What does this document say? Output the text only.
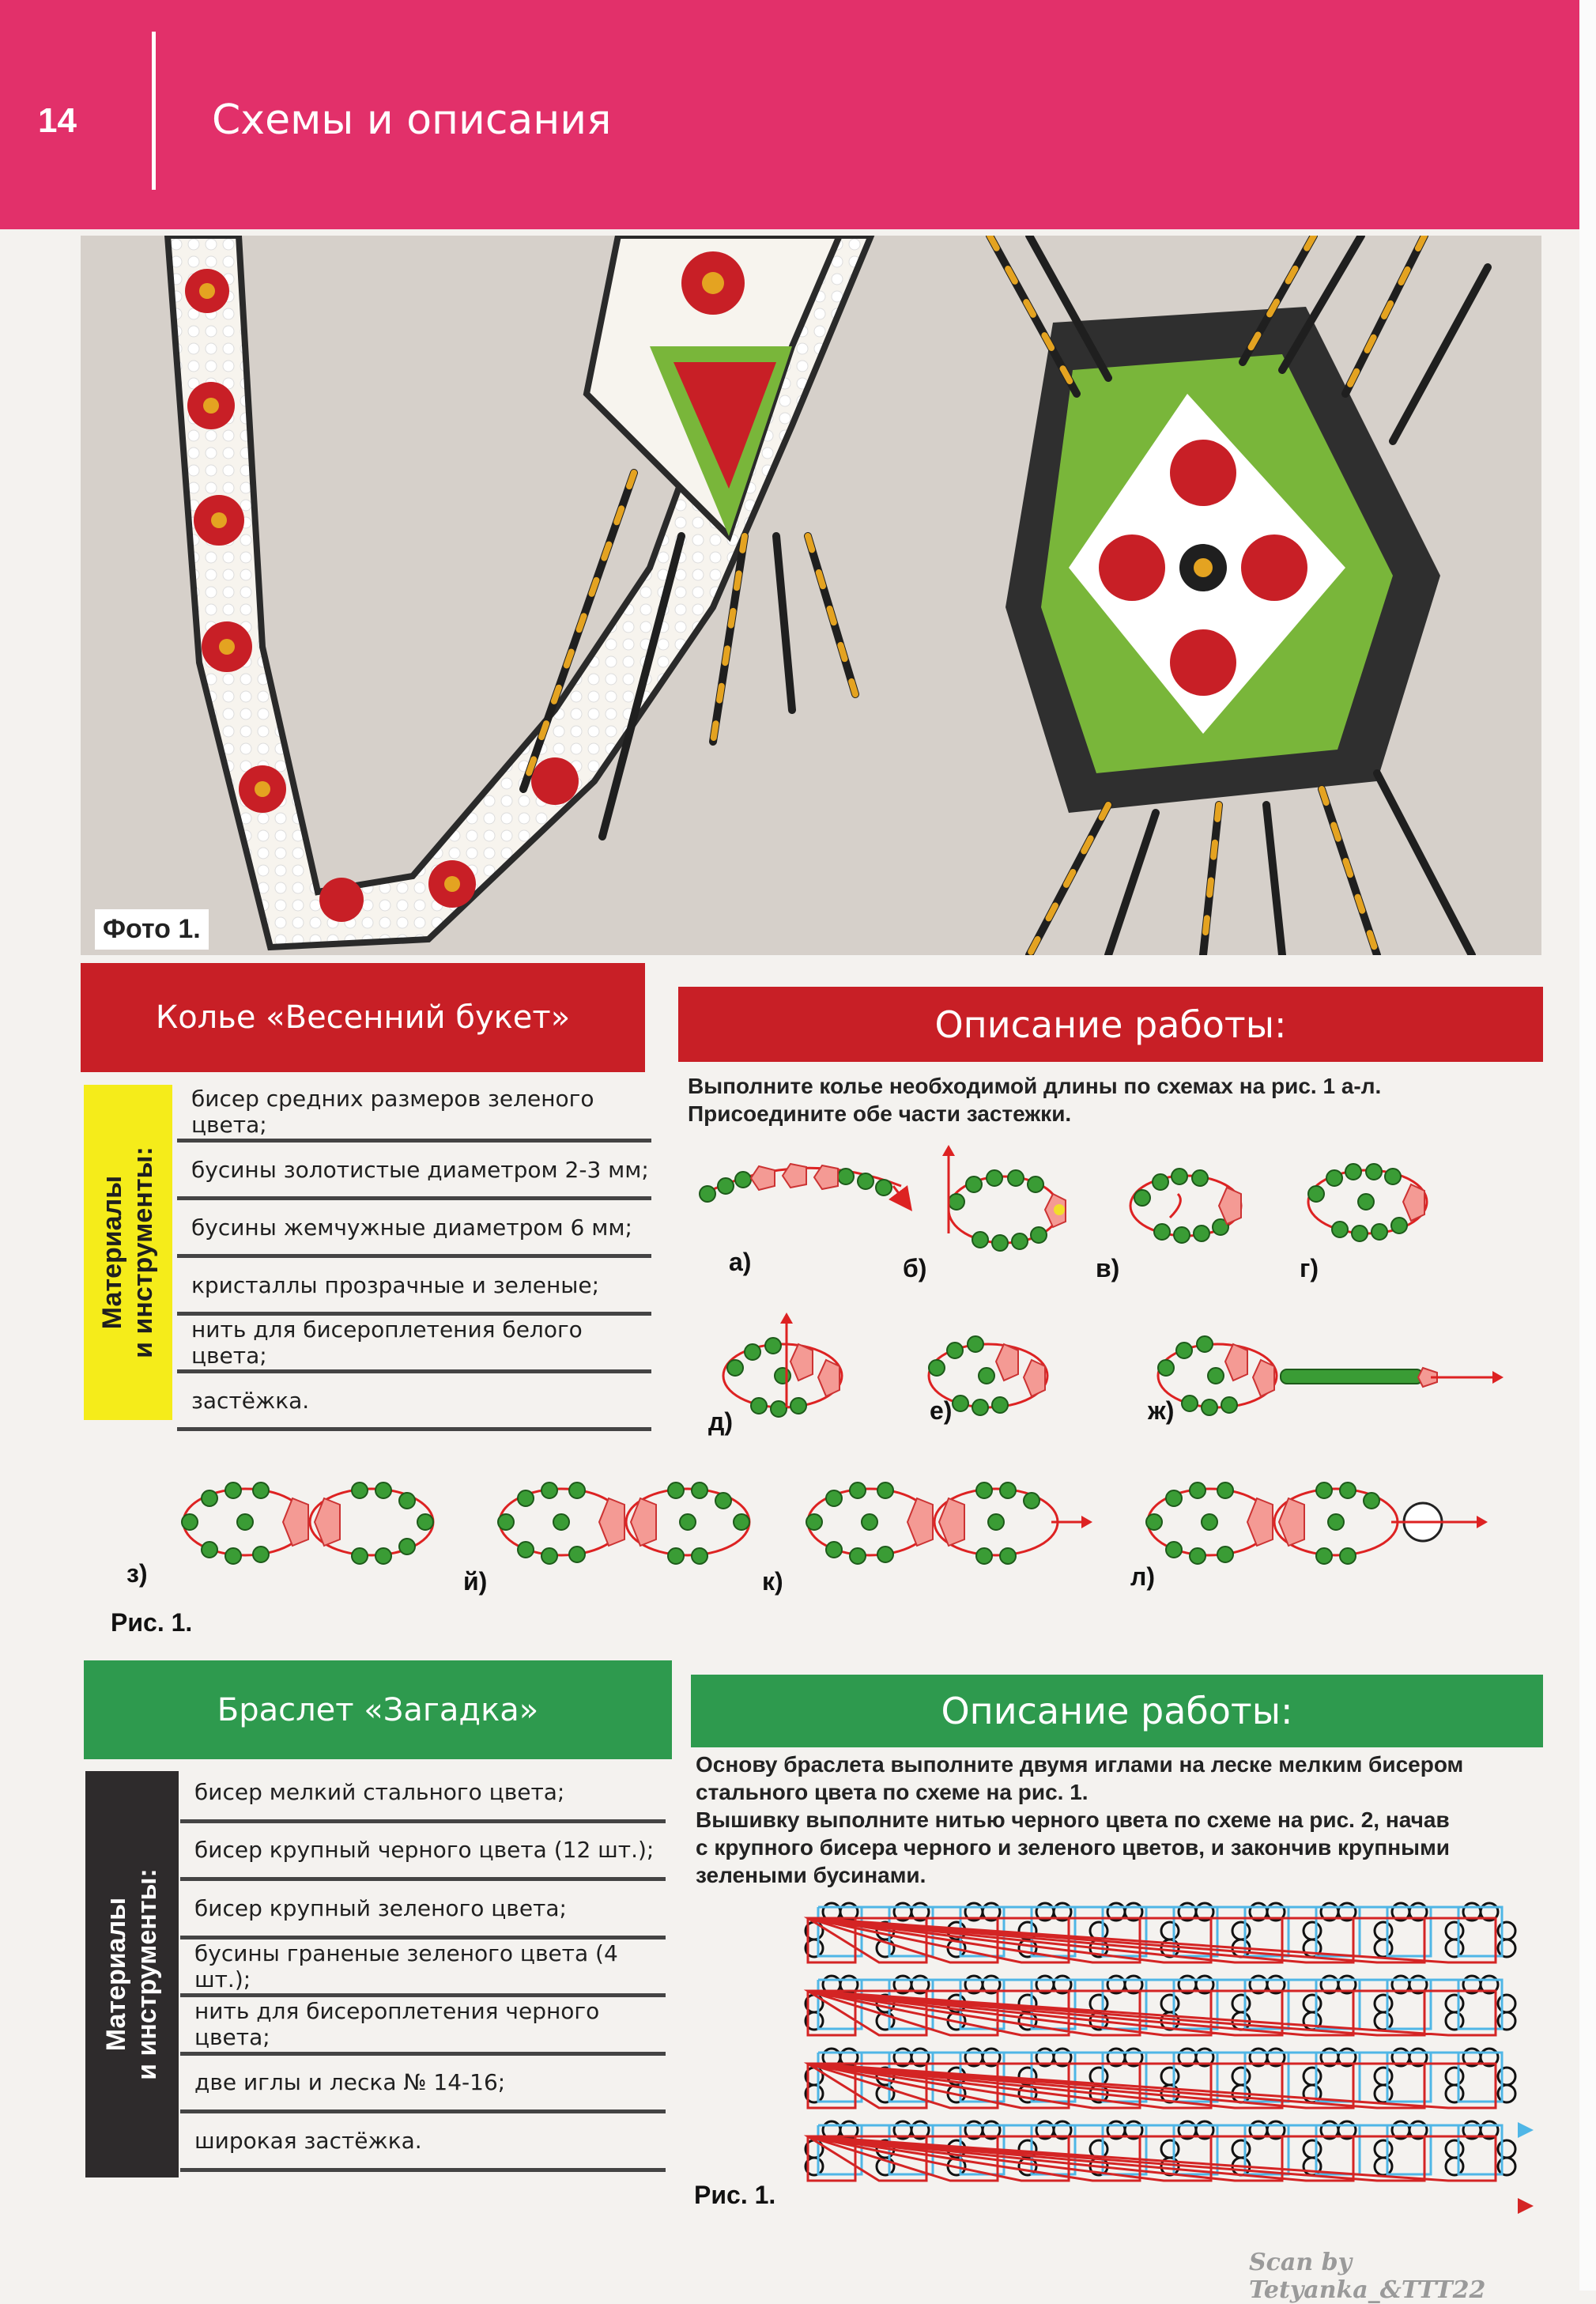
14	Схемы и описания
Фото 1.
Колье «Весенний букет»	Описание работы:
Материалы и инструменты:
бисер средних размеров зеленого цвета;
бусины золотистые диаметром 2-3 мм;
бусины жемчужные диаметром 6 мм;
кристаллы прозрачные и зеленые;
нить для бисероплетения белого цвета;
застёжка.
Выполните колье необходимой длины по схемах на рис. 1 а-л.
Присоедините обе части застежки.
а)	б)	в)	г)
д)	е)	ж)
з)	й)	к)	л)
Рис. 1.
Браслет «Загадка»	Описание работы:
Материалы и инструменты:
бисер мелкий стального цвета;
бисер крупный черного цвета (12 шт.);
бисер крупный зеленого цвета;
бусины граненые зеленого цвета (4 шт.);
нить для бисероплетения черного цвета;
две иглы и леска № 14-16;
широкая застёжка.
Основу браслета выполните двумя иглами на леске мелким бисером
стального цвета по схеме на рис. 1.
Вышивку выполните нитью черного цвета по схеме на рис. 2, начав
с крупного бисера черного и зеленого цветов, и закончив крупными
зелеными бусинами.
Рис. 1.
Scan by Tetyanka_&TTT22
